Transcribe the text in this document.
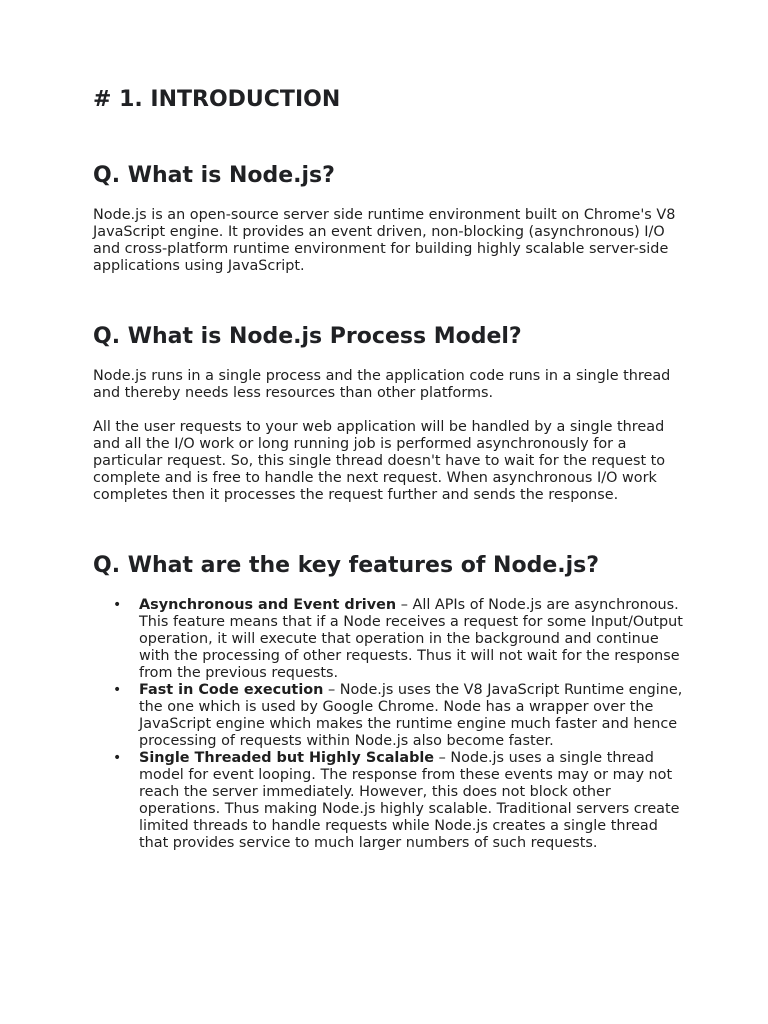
# 1. INTRODUCTION
Q. What is Node.js?

Node.js is an open-source server side runtime environment built on Chrome's V8 JavaScript engine. It provides an event driven, non-blocking (asynchronous) I/O and cross-platform runtime environment for building highly scalable server-side applications using JavaScript.

Q. What is Node.js Process Model?

Node.js runs in a single process and the application code runs in a single thread and thereby needs less resources than other platforms.

All the user requests to your web application will be handled by a single thread and all the I/O work or long running job is performed asynchronously for a particular request. So, this single thread doesn't have to wait for the request to complete and is free to handle the next request. When asynchronous I/O work completes then it processes the request further and sends the response.

Q. What are the key features of Node.js?
• Asynchronous and Event driven – All APIs of Node.js are asynchronous. This feature means that if a Node receives a request for some Input/Output operation, it will execute that operation in the background and continue with the processing of other requests. Thus it will not wait for the response from the previous requests.
• Fast in Code execution – Node.js uses the V8 JavaScript Runtime engine, the one which is used by Google Chrome. Node has a wrapper over the JavaScript engine which makes the runtime engine much faster and hence processing of requests within Node.js also become faster.
• Single Threaded but Highly Scalable – Node.js uses a single thread model for event looping. The response from these events may or may not reach the server immediately. However, this does not block other operations. Thus making Node.js highly scalable. Traditional servers create limited threads to handle requests while Node.js creates a single thread that provides service to much larger numbers of such requests.
